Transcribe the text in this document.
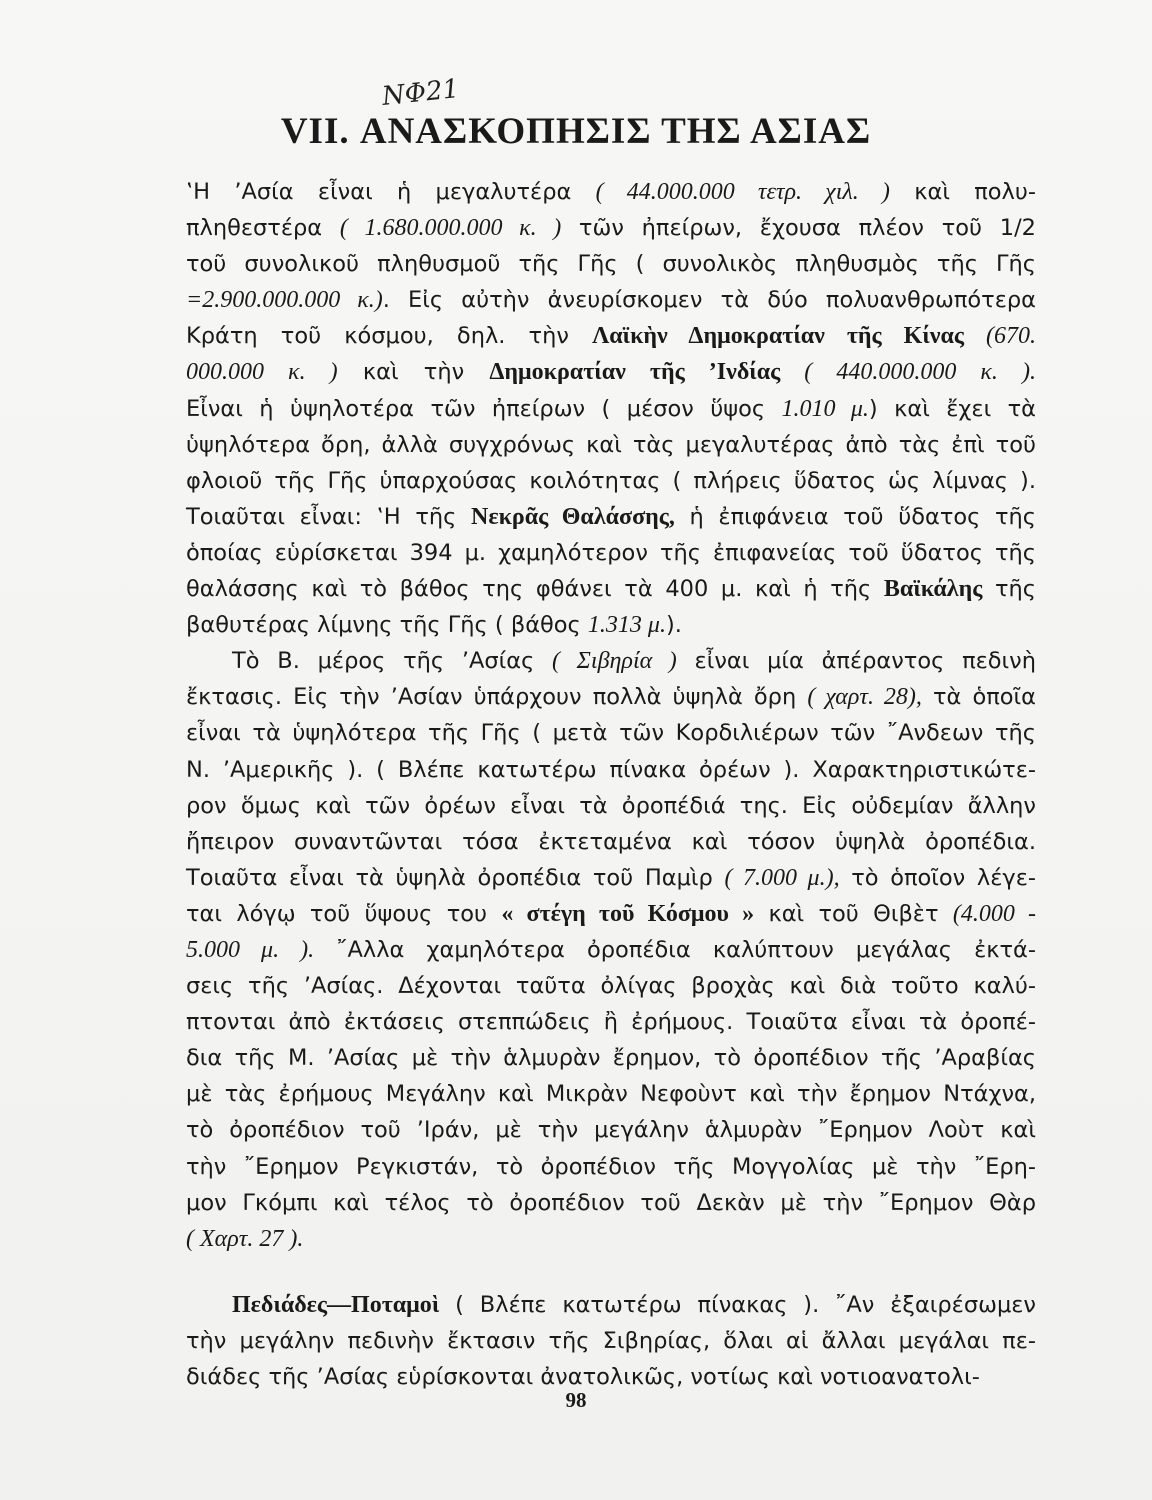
ΝΦ21
VII. ΑΝΑΣΚΟΠΗΣΙΣ ΤΗΣ ΑΣΙΑΣ
‛Η ’Ασία εἶναι ἡ μεγαλυτέρα ( 44.000.000 τετρ. χιλ. ) καὶ πολυ-
πληθεστέρα ( 1.680.000.000 κ. ) τῶν ἠπείρων, ἔχουσα πλέον τοῦ 1/2
τοῦ συνολικοῦ πληθυσμοῦ τῆς Γῆς ( συνολικὸς πληθυσμὸς τῆς Γῆς
=2.900.000.000 κ.). Εἰς αὐτὴν ἀνευρίσκομεν τὰ δύο πολυανθρωπότερα
Κράτη τοῦ κόσμου, δηλ. τὴν Λαϊκὴν Δημοκρατίαν τῆς Κίνας (670.
000.000 κ. ) καὶ τὴν Δημοκρατίαν τῆς ’Ινδίας ( 440.000.000 κ. ).
Εἶναι ἡ ὑψηλοτέρα τῶν ἠπείρων ( μέσον ὕψος 1.010 μ.) καὶ ἔχει τὰ
ὑψηλότερα ὄρη, ἀλλὰ συγχρόνως καὶ τὰς μεγαλυτέρας ἀπὸ τὰς ἐπὶ τοῦ
φλοιοῦ τῆς Γῆς ὑπαρχούσας κοιλότητας ( πλήρεις ὕδατος ὡς λίμνας ).
Τοιαῦται εἶναι: ‛Η τῆς Νεκρᾶς Θαλάσσης, ἡ ἐπιφάνεια τοῦ ὕδατος τῆς
ὁποίας εὑρίσκεται 394 μ. χαμηλότερον τῆς ἐπιφανείας τοῦ ὕδατος τῆς
θαλάσσης καὶ τὸ βάθος της φθάνει τὰ 400 μ. καὶ ἡ τῆς Βαϊκάλης τῆς
βαθυτέρας λίμνης τῆς Γῆς ( βάθος 1.313 μ.).
Τὸ Β. μέρος τῆς ’Ασίας ( Σιβηρία ) εἶναι μία ἀπέραντος πεδινὴ
ἔκτασις. Εἰς τὴν ’Ασίαν ὑπάρχουν πολλὰ ὑψηλὰ ὄρη ( χαρτ. 28), τὰ ὁποῖα
εἶναι τὰ ὑψηλότερα τῆς Γῆς ( μετὰ τῶν Κορδιλιέρων τῶν ῎Ανδεων τῆς
Ν. ’Αμερικῆς ). ( Βλέπε κατωτέρω πίνακα ὀρέων ). Χαρακτηριστικώτε-
ρον ὅμως καὶ τῶν ὀρέων εἶναι τὰ ὀροπέδιά της. Εἰς οὐδεμίαν ἄλλην
ἤπειρον συναντῶνται τόσα ἐκτεταμένα καὶ τόσον ὑψηλὰ ὀροπέδια.
Τοιαῦτα εἶναι τὰ ὑψηλὰ ὀροπέδια τοῦ Παμὶρ ( 7.000 μ.), τὸ ὁποῖον λέγε-
ται λόγῳ τοῦ ὕψους του « στέγη τοῦ Κόσμου » καὶ τοῦ Θιβὲτ (4.000 -
5.000 μ. ). ῎Αλλα χαμηλότερα ὀροπέδια καλύπτουν μεγάλας ἐκτά-
σεις τῆς ’Ασίας. Δέχονται ταῦτα ὀλίγας βροχὰς καὶ διὰ τοῦτο καλύ-
πτονται ἀπὸ ἐκτάσεις στεππώδεις ἢ ἐρήμους. Τοιαῦτα εἶναι τὰ ὀροπέ-
δια τῆς Μ. ’Ασίας μὲ τὴν ἁλμυρὰν ἔρημον, τὸ ὀροπέδιον τῆς ’Αραβίας
μὲ τὰς ἐρήμους Μεγάλην καὶ Μικρὰν Νεφοὺντ καὶ τὴν ἔρημον Ντάχνα,
τὸ ὀροπέδιον τοῦ ’Ιράν, μὲ τὴν μεγάλην ἁλμυρὰν ῎Ερημον Λοὺτ καὶ
τὴν ῎Ερημον Ρεγκιστάν, τὸ ὀροπέδιον τῆς Μογγολίας μὲ τὴν ῎Ερη-
μον Γκόμπι καὶ τέλος τὸ ὀροπέδιον τοῦ Δεκὰν μὲ τὴν ῎Ερημον Θὰρ
( Χαρτ. 27 ).
Πεδιάδες—Ποταμοὶ ( Βλέπε κατωτέρω πίνακας ). ῎Αν ἐξαιρέσωμεν
τὴν μεγάλην πεδινὴν ἔκτασιν τῆς Σιβηρίας, ὅλαι αἱ ἄλλαι μεγάλαι πε-
διάδες τῆς ’Ασίας εὑρίσκονται ἀνατολικῶς, νοτίως καὶ νοτιοανατολι-
98
